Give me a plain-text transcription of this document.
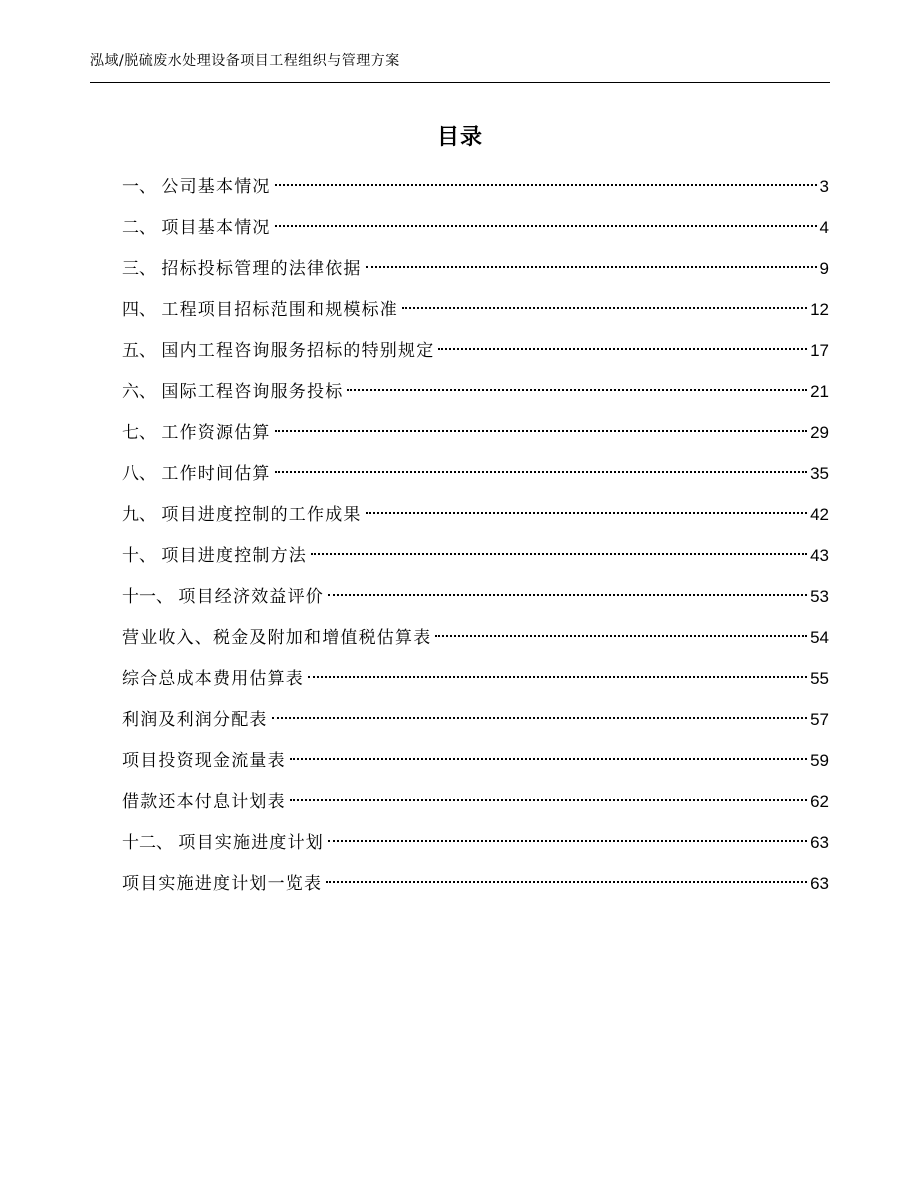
泓域/脱硫废水处理设备项目工程组织与管理方案
目录
一、 公司基本情况	3
二、 项目基本情况	4
三、 招标投标管理的法律依据	9
四、 工程项目招标范围和规模标准	12
五、 国内工程咨询服务招标的特别规定	17
六、 国际工程咨询服务投标	21
七、 工作资源估算	29
八、 工作时间估算	35
九、 项目进度控制的工作成果	42
十、 项目进度控制方法	43
十一、 项目经济效益评价	53
营业收入、税金及附加和增值税估算表	54
综合总成本费用估算表	55
利润及利润分配表	57
项目投资现金流量表	59
借款还本付息计划表	62
十二、 项目实施进度计划	63
项目实施进度计划一览表	63
